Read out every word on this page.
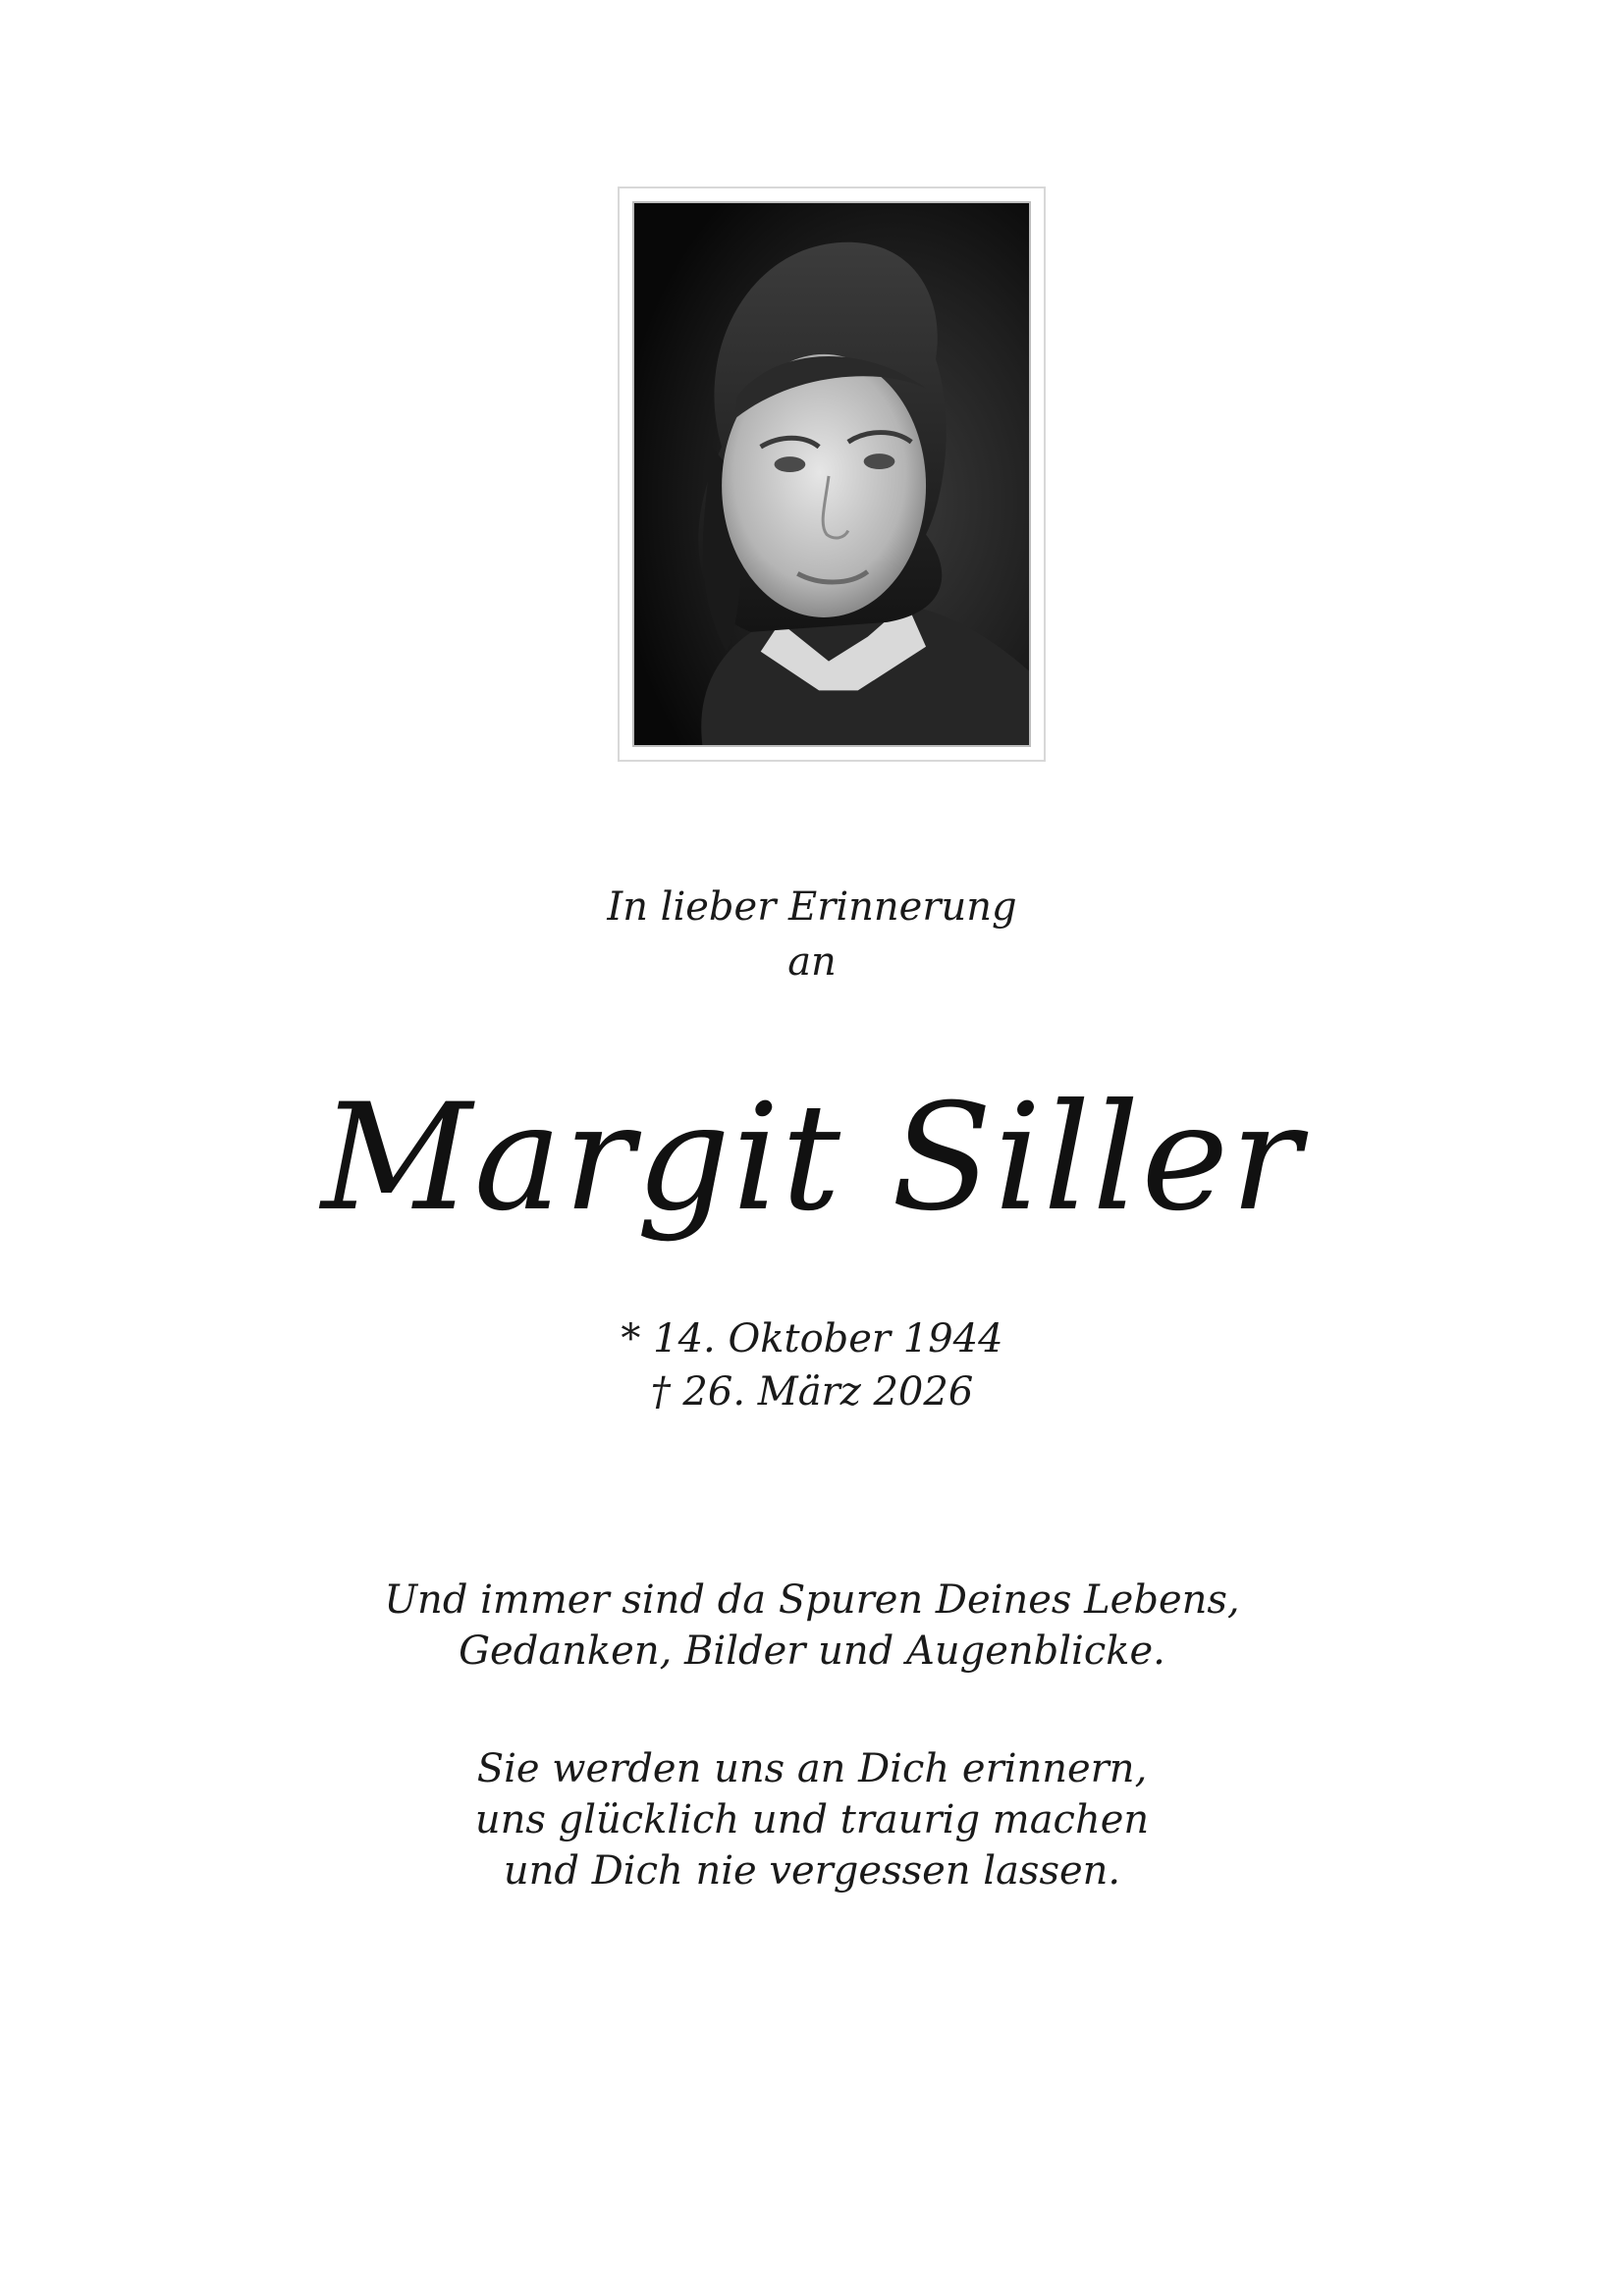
In lieber Erinnerung
an
Margit Siller
* 14. Oktober 1944
† 26. März 2026
Und immer sind da Spuren Deines Lebens,
Gedanken, Bilder und Augenblicke.
Sie werden uns an Dich erinnern,
uns glücklich und traurig machen
und Dich nie vergessen lassen.
